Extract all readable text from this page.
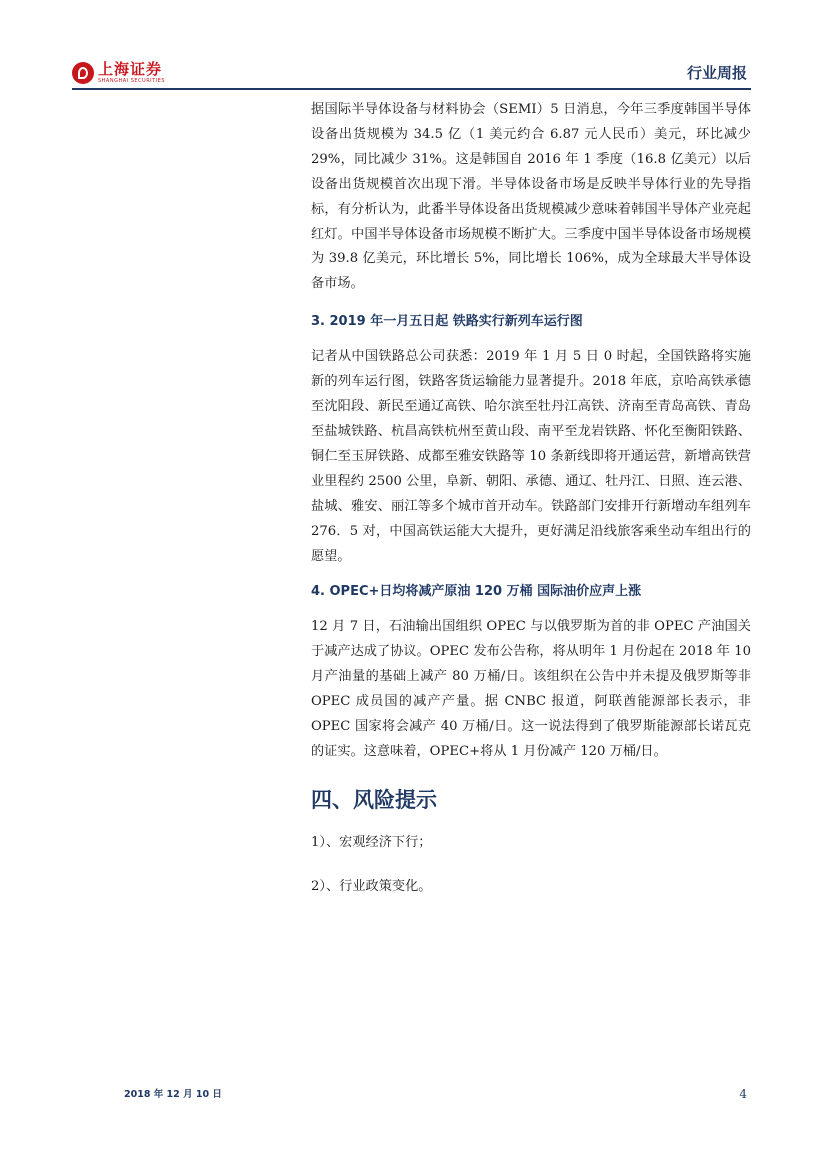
上海证券
SHANGHAI SECURITIES	行业周报

据国际半导体设备与材料协会（SEMI）5 日消息，今年三季度韩国半导体设备出货规模为 34.5 亿（1 美元约合 6.87 元人民币）美元，环比减少 29%，同比减少 31%。这是韩国自 2016 年 1 季度（16.8 亿美元）以后设备出货规模首次出现下滑。半导体设备市场是反映半导体行业的先导指标，有分析认为，此番半导体设备出货规模减少意味着韩国半导体产业亮起红灯。中国半导体设备市场规模不断扩大。三季度中国半导体设备市场规模为 39.8 亿美元，环比增长 5%，同比增长 106%，成为全球最大半导体设备市场。

3. 2019 年一月五日起 铁路实行新列车运行图

记者从中国铁路总公司获悉：2019 年 1 月 5 日 0 时起，全国铁路将实施新的列车运行图，铁路客货运输能力显著提升。2018 年底，京哈高铁承德至沈阳段、新民至通辽高铁、哈尔滨至牡丹江高铁、济南至青岛高铁、青岛至盐城铁路、杭昌高铁杭州至黄山段、南平至龙岩铁路、怀化至衡阳铁路、铜仁至玉屏铁路、成都至雅安铁路等 10 条新线即将开通运营，新增高铁营业里程约 2500 公里，阜新、朝阳、承德、通辽、牡丹江、日照、连云港、盐城、雅安、丽江等多个城市首开动车。铁路部门安排开行新增动车组列车 276．5 对，中国高铁运能大大提升，更好满足沿线旅客乘坐动车组出行的愿望。

4. OPEC+日均将减产原油 120 万桶 国际油价应声上涨

12 月 7 日，石油输出国组织 OPEC 与以俄罗斯为首的非 OPEC 产油国关于减产达成了协议。OPEC 发布公告称，将从明年 1 月份起在 2018 年 10 月产油量的基础上减产 80 万桶/日。该组织在公告中并未提及俄罗斯等非 OPEC 成员国的减产产量。据 CNBC 报道，阿联酋能源部长表示，非 OPEC 国家将会减产 40 万桶/日。这一说法得到了俄罗斯能源部长诺瓦克的证实。这意味着，OPEC+将从 1 月份减产 120 万桶/日。

四、风险提示

1）、宏观经济下行；

2）、行业政策变化。

2018 年 12 月 10 日	4
